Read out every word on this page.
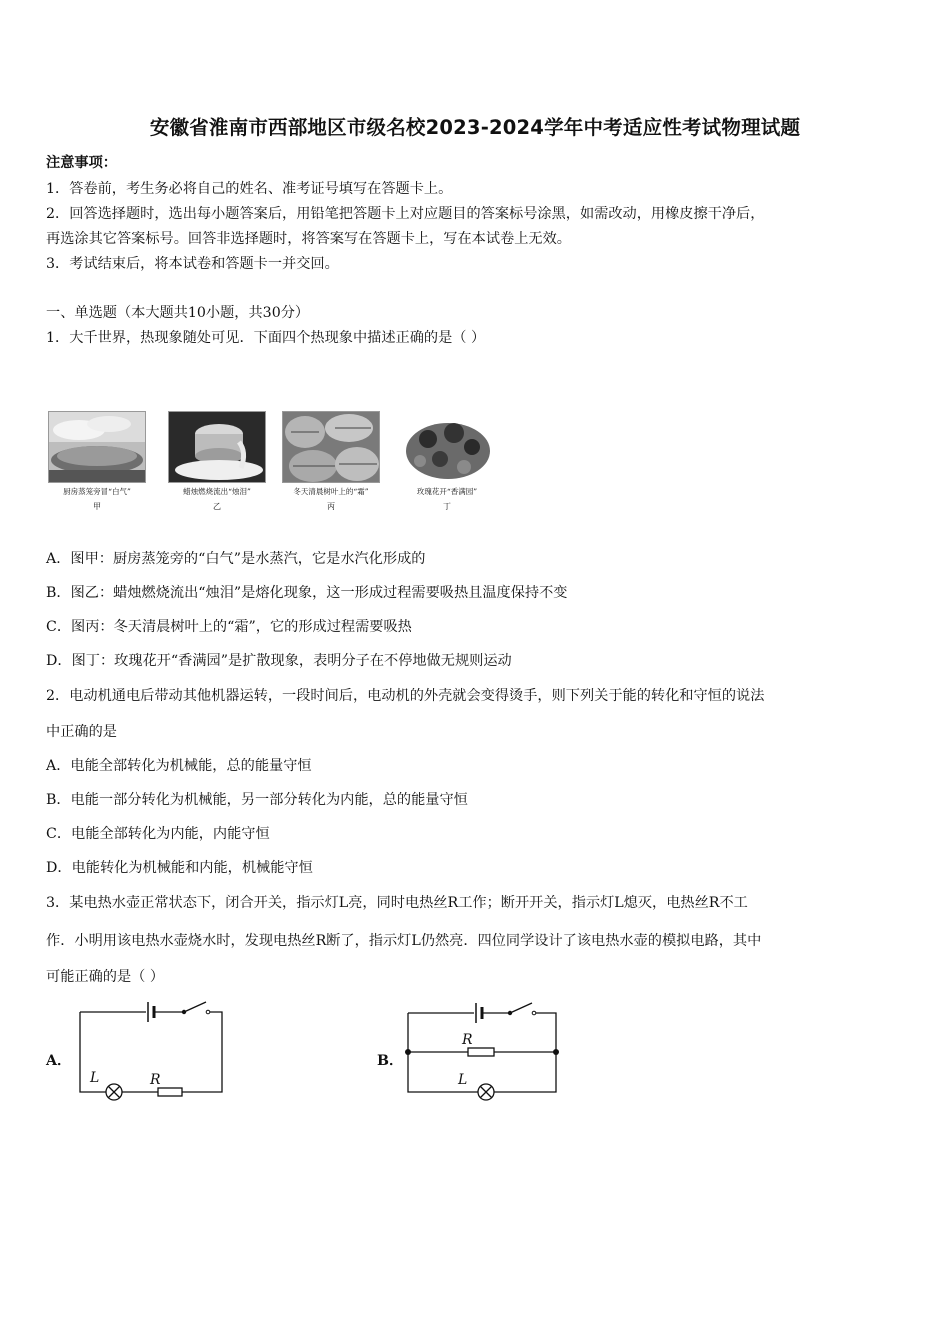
安徽省淮南市西部地区市级名校2023-2024学年中考适应性考试物理试题
注意事项：
1．答卷前，考生务必将自己的姓名、准考证号填写在答题卡上。
2．回答选择题时，选出每小题答案后，用铅笔把答题卡上对应题目的答案标号涂黑，如需改动，用橡皮擦干净后，
再选涂其它答案标号。回答非选择题时，将答案写在答题卡上，写在本试卷上无效。
3．考试结束后，将本试卷和答题卡一并交回。
一、单选题（本大题共10小题，共30分）
1．大千世界，热现象随处可见．下面四个热现象中描述正确的是（ ）
厨房蒸笼旁冒“白气”
甲
蜡烛燃烧流出“烛泪”
乙
冬天清晨树叶上的“霜”
丙
玫瑰花开“香满园”
丁
A．图甲：厨房蒸笼旁的“白气”是水蒸汽，它是水汽化形成的
B．图乙：蜡烛燃烧流出“烛泪”是熔化现象，这一形成过程需要吸热且温度保持不变
C．图丙：冬天清晨树叶上的“霜”，它的形成过程需要吸热
D．图丁：玫瑰花开“香满园”是扩散现象，表明分子在不停地做无规则运动
2．电动机通电后带动其他机器运转，一段时间后，电动机的外壳就会变得烫手，则下列关于能的转化和守恒的说法
中正确的是
A．电能全部转化为机械能，总的能量守恒
B．电能一部分转化为机械能，另一部分转化为内能，总的能量守恒
C．电能全部转化为内能，内能守恒
D．电能转化为机械能和内能，机械能守恒
3．某电热水壶正常状态下，闭合开关，指示灯L亮，同时电热丝R工作；断开开关，指示灯L熄灭，电热丝R不工
作．小明用该电热水壶烧水时，发现电热丝R断了，指示灯L仍然亮．四位同学设计了该电热水壶的模拟电路，其中
可能正确的是（ ）
A．
L	R
B．
R
L
